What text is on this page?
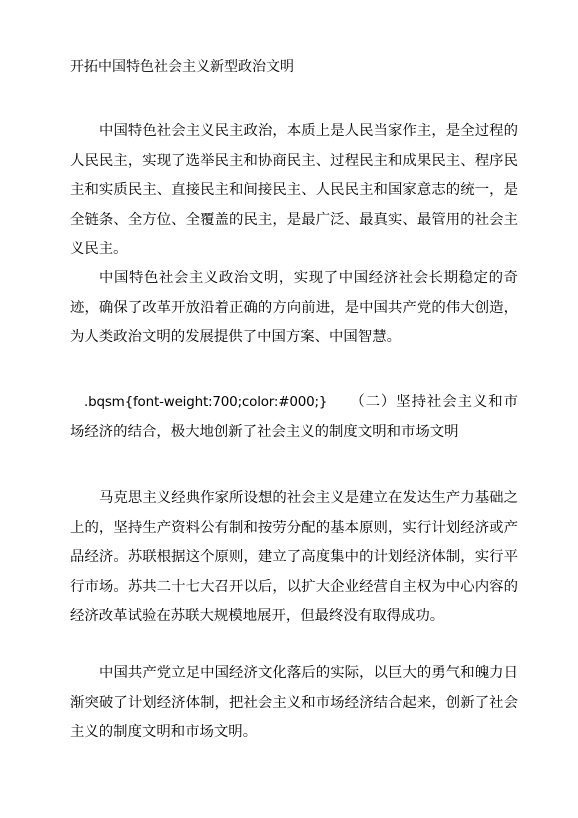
开拓中国特色社会主义新型政治文明

中国特色社会主义民主政治，本质上是人民当家作主，是全过程的人民民主，实现了选举民主和协商民主、过程民主和成果民主、程序民主和实质民主、直接民主和间接民主、人民民主和国家意志的统一，是全链条、全方位、全覆盖的民主，是最广泛、最真实、最管用的社会主义民主。

中国特色社会主义政治文明，实现了中国经济社会长期稳定的奇迹，确保了改革开放沿着正确的方向前进，是中国共产党的伟大创造，为人类政治文明的发展提供了中国方案、中国智慧。

.bqsm{font-weight:700;color:#000;} （二）坚持社会主义和市场经济的结合，极大地创新了社会主义的制度文明和市场文明

马克思主义经典作家所设想的社会主义是建立在发达生产力基础之上的，坚持生产资料公有制和按劳分配的基本原则，实行计划经济或产品经济。苏联根据这个原则，建立了高度集中的计划经济体制，实行平行市场。苏共二十七大召开以后，以扩大企业经营自主权为中心内容的经济改革试验在苏联大规模地展开，但最终没有取得成功。

中国共产党立足中国经济文化落后的实际，以巨大的勇气和魄力日渐突破了计划经济体制，把社会主义和市场经济结合起来，创新了社会主义的制度文明和市场文明。
